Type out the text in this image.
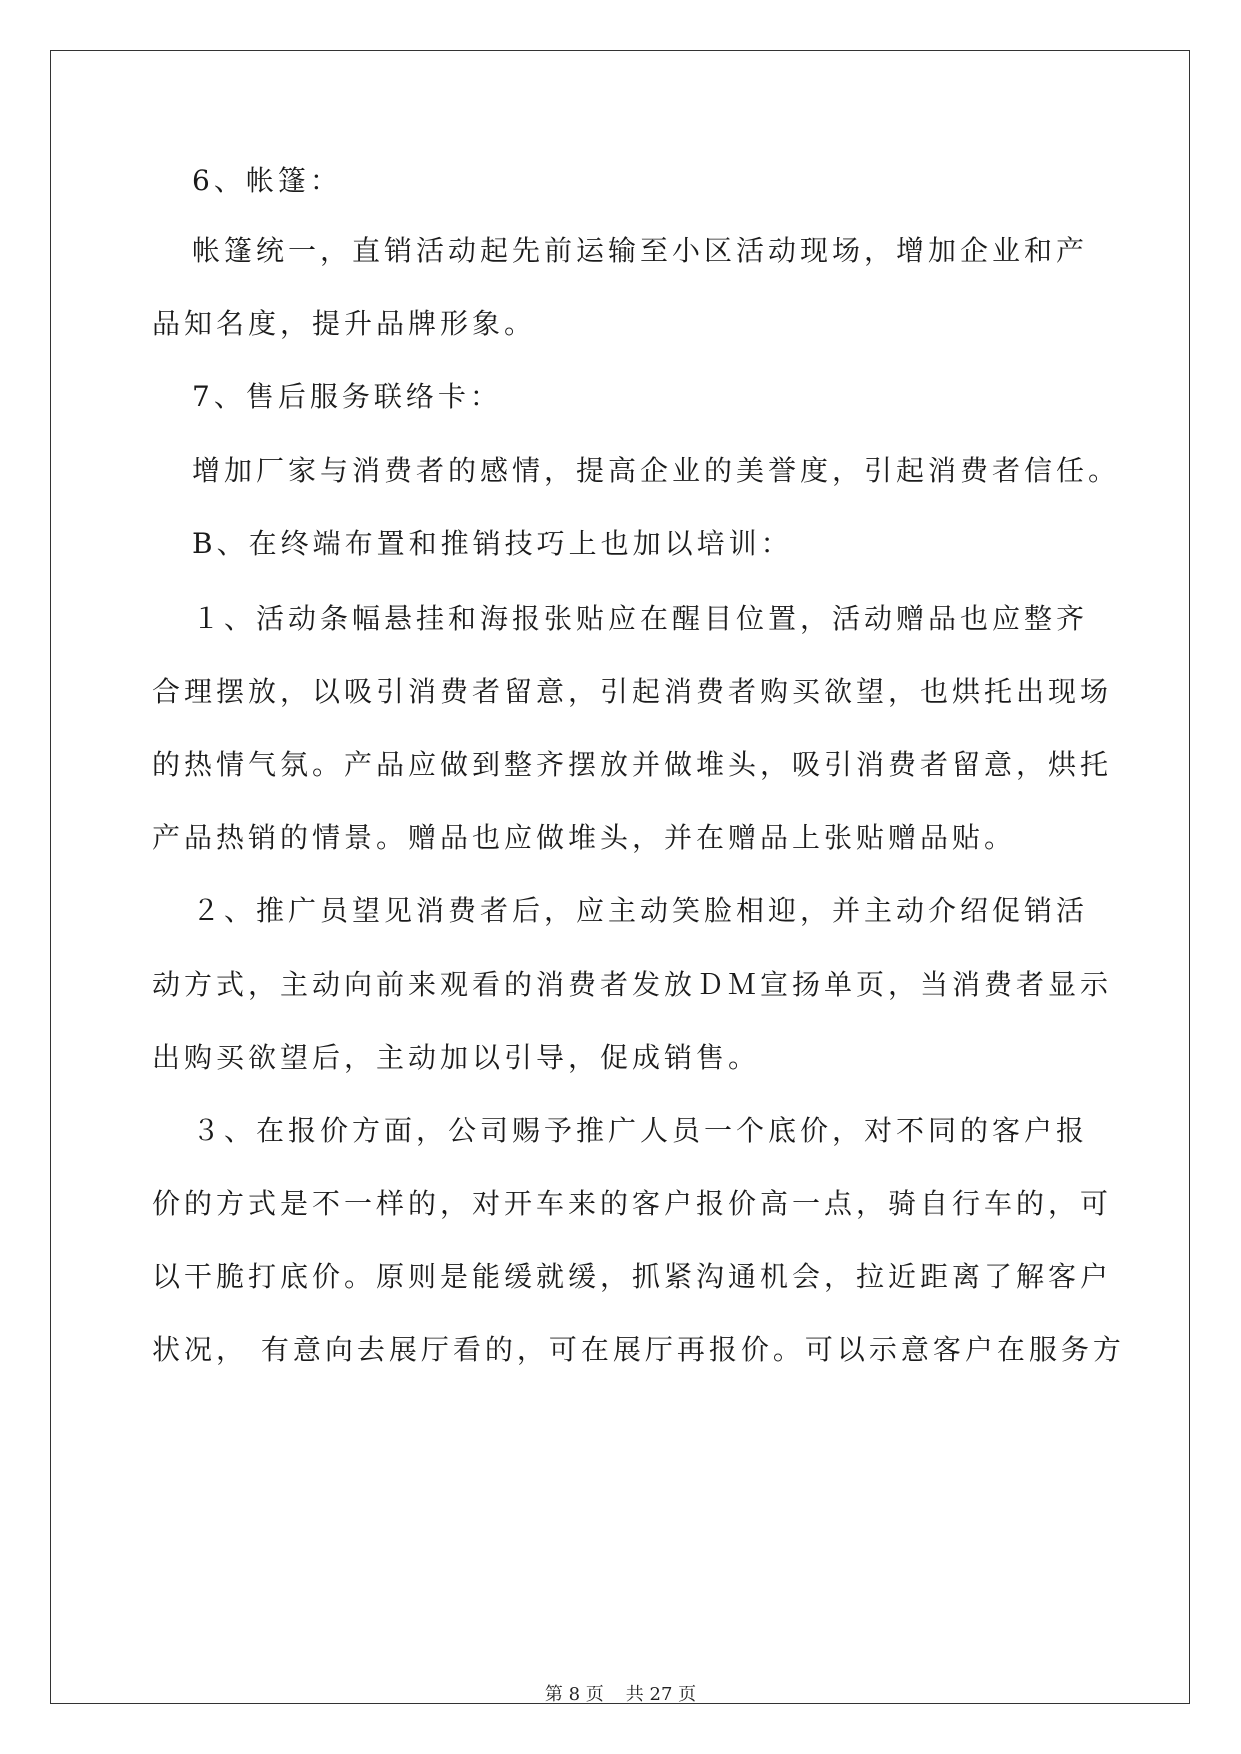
6、帐篷：
帐篷统一，直销活动起先前运输至小区活动现场，增加企业和产
品知名度，提升品牌形象。
7、售后服务联络卡：
增加厂家与消费者的感情，提高企业的美誉度，引起消费者信任。
B、在终端布置和推销技巧上也加以培训：
１、活动条幅悬挂和海报张贴应在醒目位置，活动赠品也应整齐
合理摆放，以吸引消费者留意，引起消费者购买欲望，也烘托出现场
的热情气氛。产品应做到整齐摆放并做堆头，吸引消费者留意，烘托
产品热销的情景。赠品也应做堆头，并在赠品上张贴赠品贴。
２、推广员望见消费者后，应主动笑脸相迎，并主动介绍促销活
动方式，主动向前来观看的消费者发放ＤＭ宣扬单页，当消费者显示
出购买欲望后，主动加以引导，促成销售。
３、在报价方面，公司赐予推广人员一个底价，对不同的客户报
价的方式是不一样的，对开车来的客户报价高一点，骑自行车的，可
以干脆打底价。原则是能缓就缓，抓紧沟通机会，拉近距离了解客户
状况， 有意向去展厅看的，可在展厅再报价。可以示意客户在服务方
第 8 页 共 27 页
